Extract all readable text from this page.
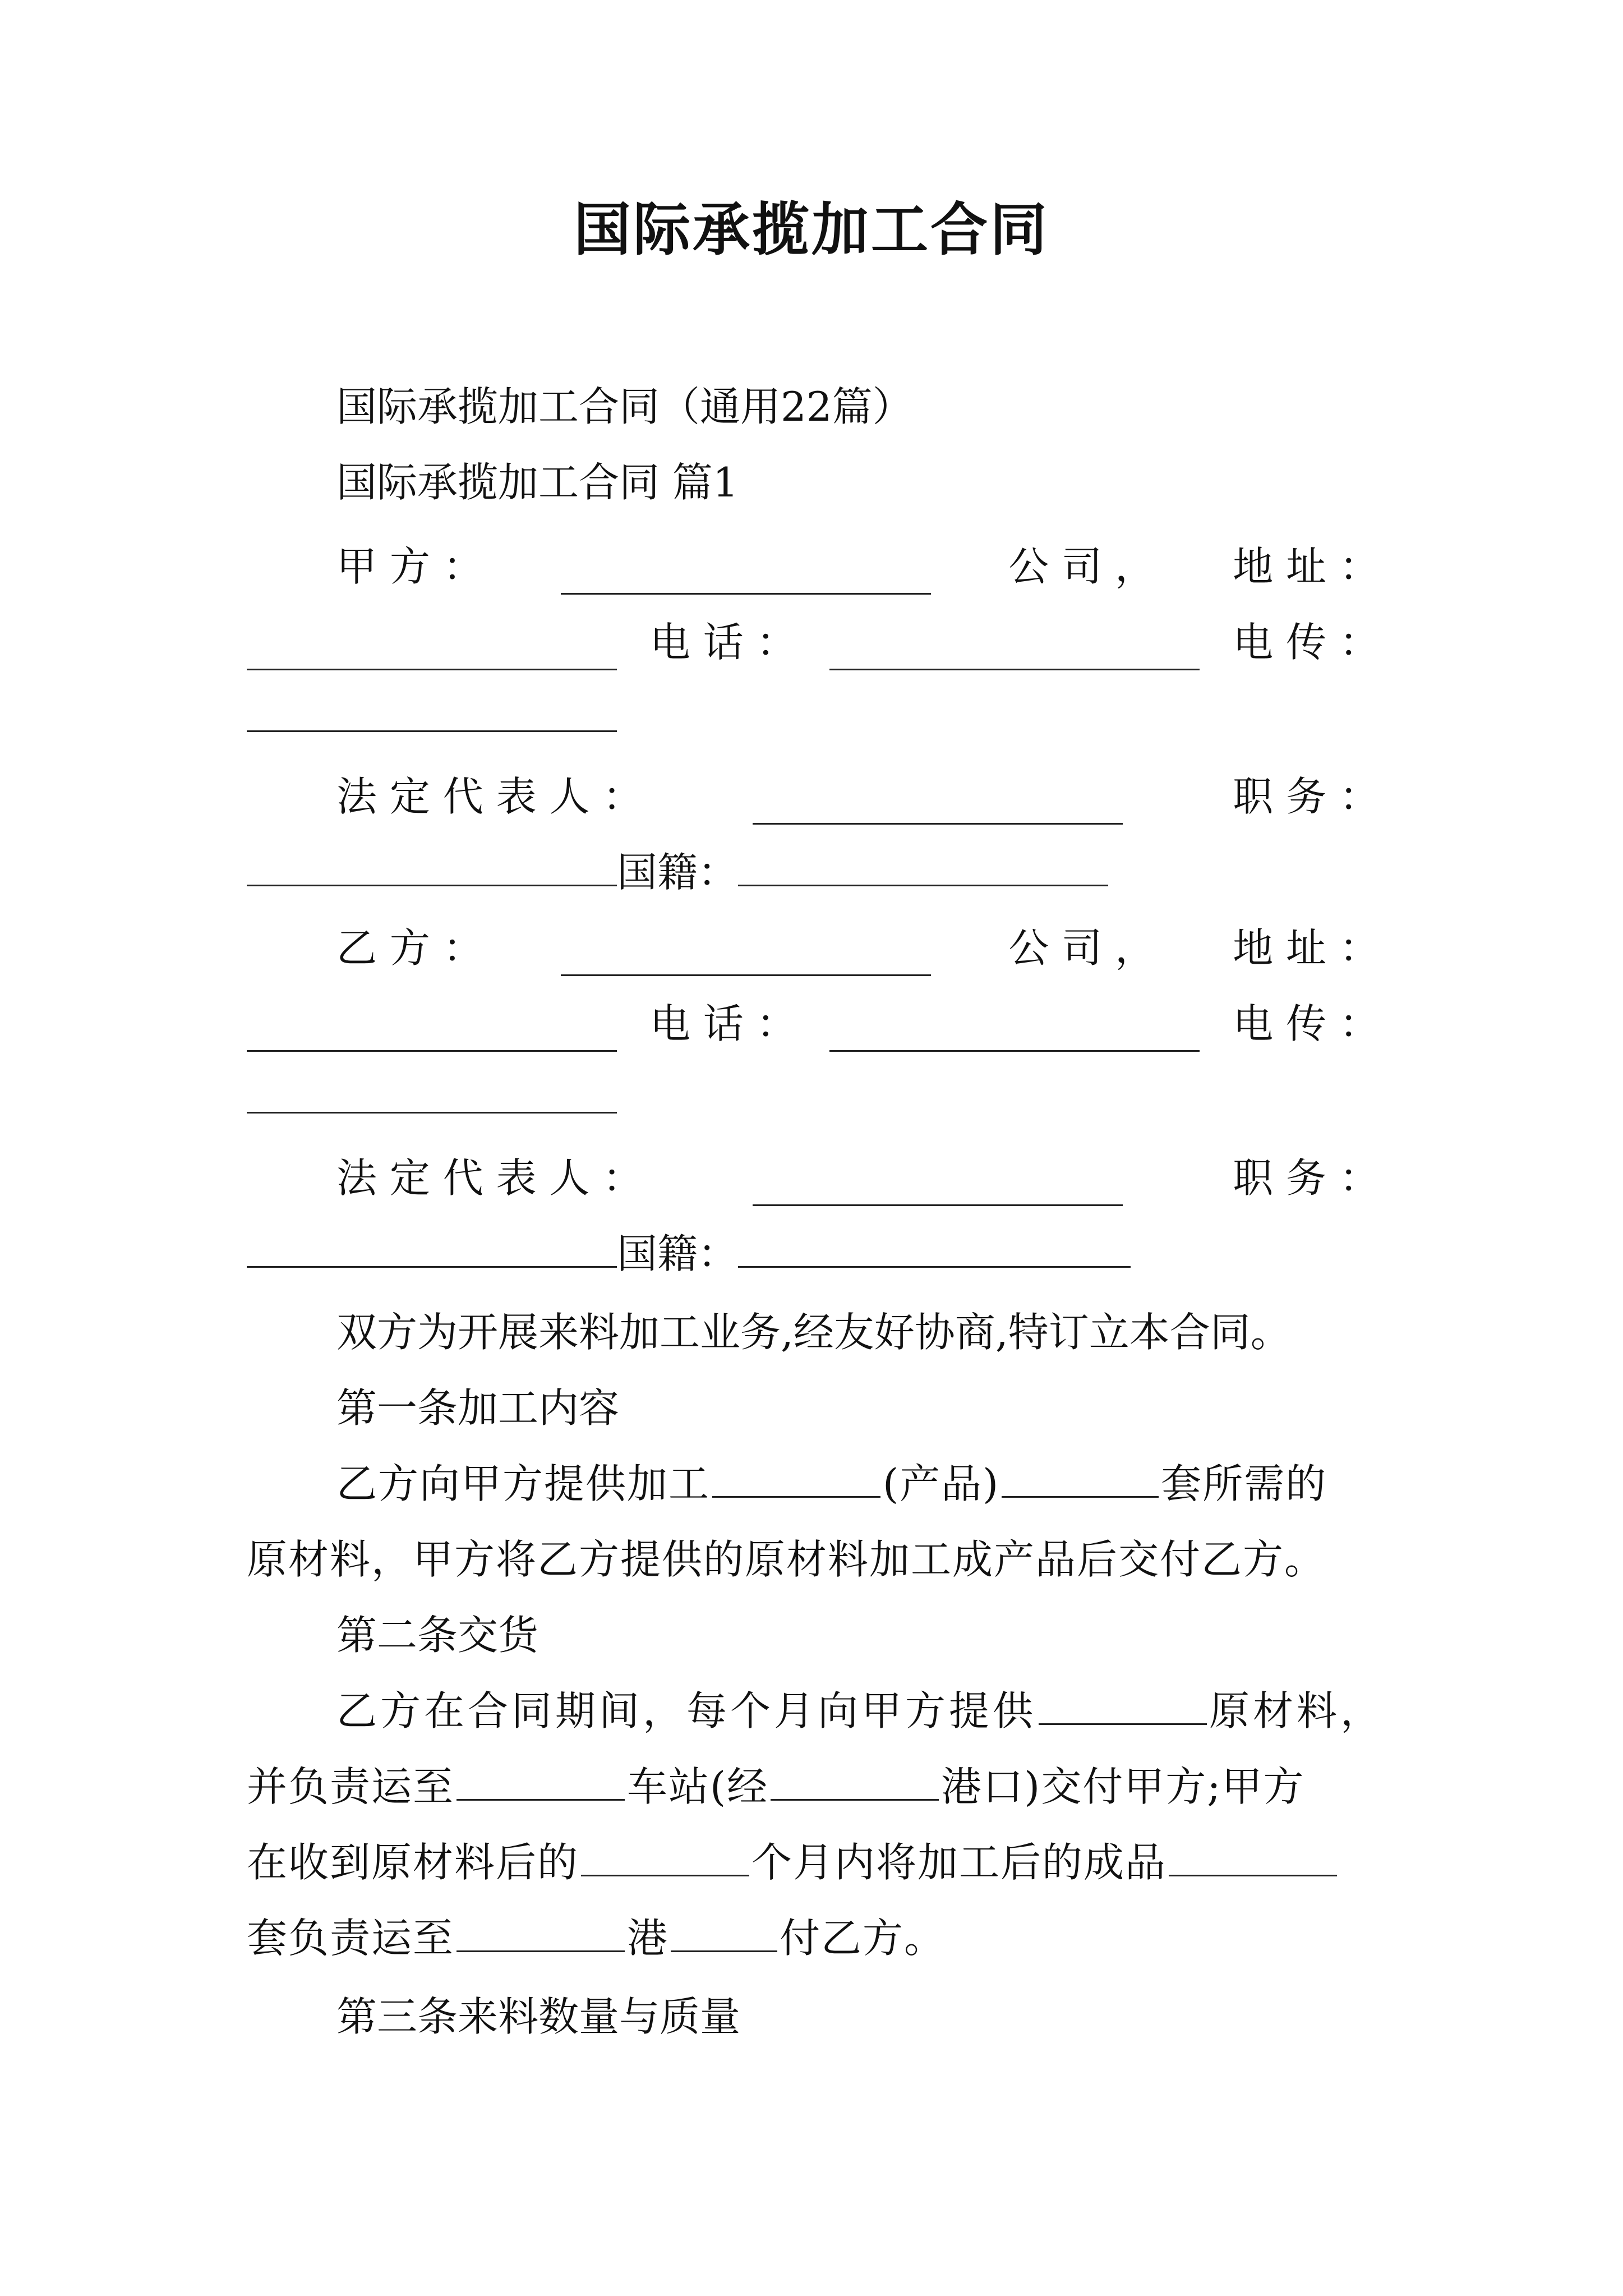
国际承揽加工合同
国际承揽加工合同（通用22篇）
国际承揽加工合同 篇1
甲 方 ：	公 司 ， 地 址 ：
电 话 ：	电 传 ：
法 定 代 表 人 ：	职 务 ：
国籍：
乙 方 ：	公 司 ， 地 址 ：
电 话 ：	电 传 ：
法 定 代 表 人 ：	职 务 ：
国籍：
双方为开展来料加工业务,经友好协商,特订立本合同。
第一条加工内容
乙方向甲方提供加工	(产品)	套所需的
原材料，甲方将乙方提供的原材料加工成产品后交付乙方。
第二条交货
乙方在合同期间，每个月向甲方提供	原材料，
并负责运至	车站(经	港口)交付甲方;甲方
在收到原材料后的	个月内将加工后的成品
套负责运至	港	付乙方。
第三条来料数量与质量
